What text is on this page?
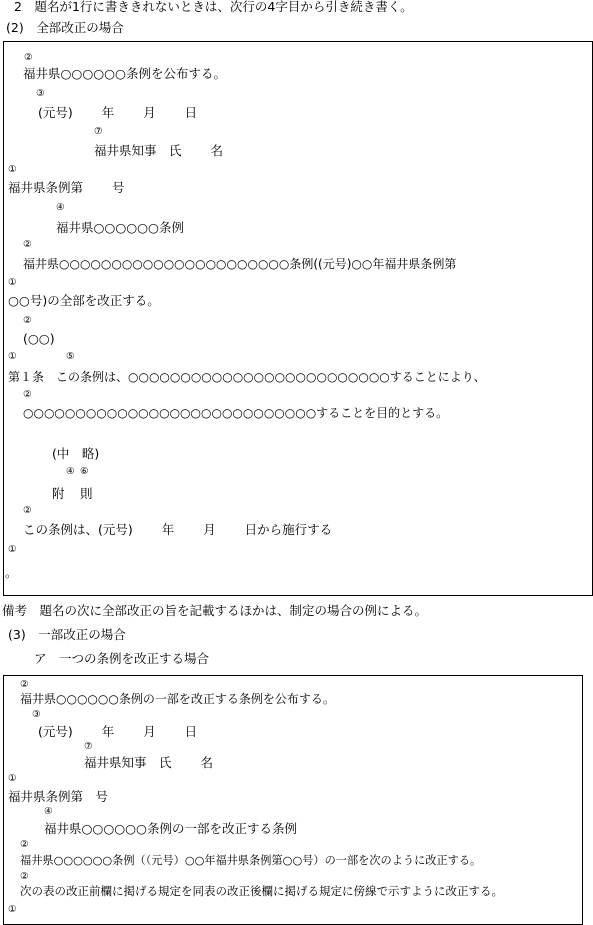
2　題名が1行に書ききれないときは、次行の4字目から引き続き書く。
(2)　全部改正の場合
②
福井県○○○○○○条例を公布する。
③
(元号)　　 年　　 月　　 日
⑦
福井県知事　氏　　 名
①
福井県条例第　　 号
④
福井県○○○○○○条例
②
福井県○○○○○○○○○○○○○○○○○○○○○○条例((元号)○○年福井県条例第
①
○○号)の全部を改正する。
②
(○○)
①	⑤
第１条　この条例は、○○○○○○○○○○○○○○○○○○○○○○○○○することにより、
②
○○○○○○○○○○○○○○○○○○○○○○○○○○○○することを目的とする。
(中　略)
④ ⑥
附 則
②
この条例は、(元号)　　 年　　 月　　 日から施行する
①
。
備考　題名の次に全部改正の旨を記載するほかは、制定の場合の例による。
(3)　一部改正の場合
ア　一つの条例を改正する場合
②
福井県○○○○○○条例の一部を改正する条例を公布する。
③
(元号)　　 年　　 月　　 日
⑦
福井県知事　氏　　 名
①
福井県条例第　号
④
福井県○○○○○○条例の一部を改正する条例
②
福井県○○○○○○条例（（元号）○○年福井県条例第○○号）の一部を次のように改正する。
②
次の表の改正前欄に掲げる規定を同表の改正後欄に掲げる規定に傍線で示すように改正する。
①
